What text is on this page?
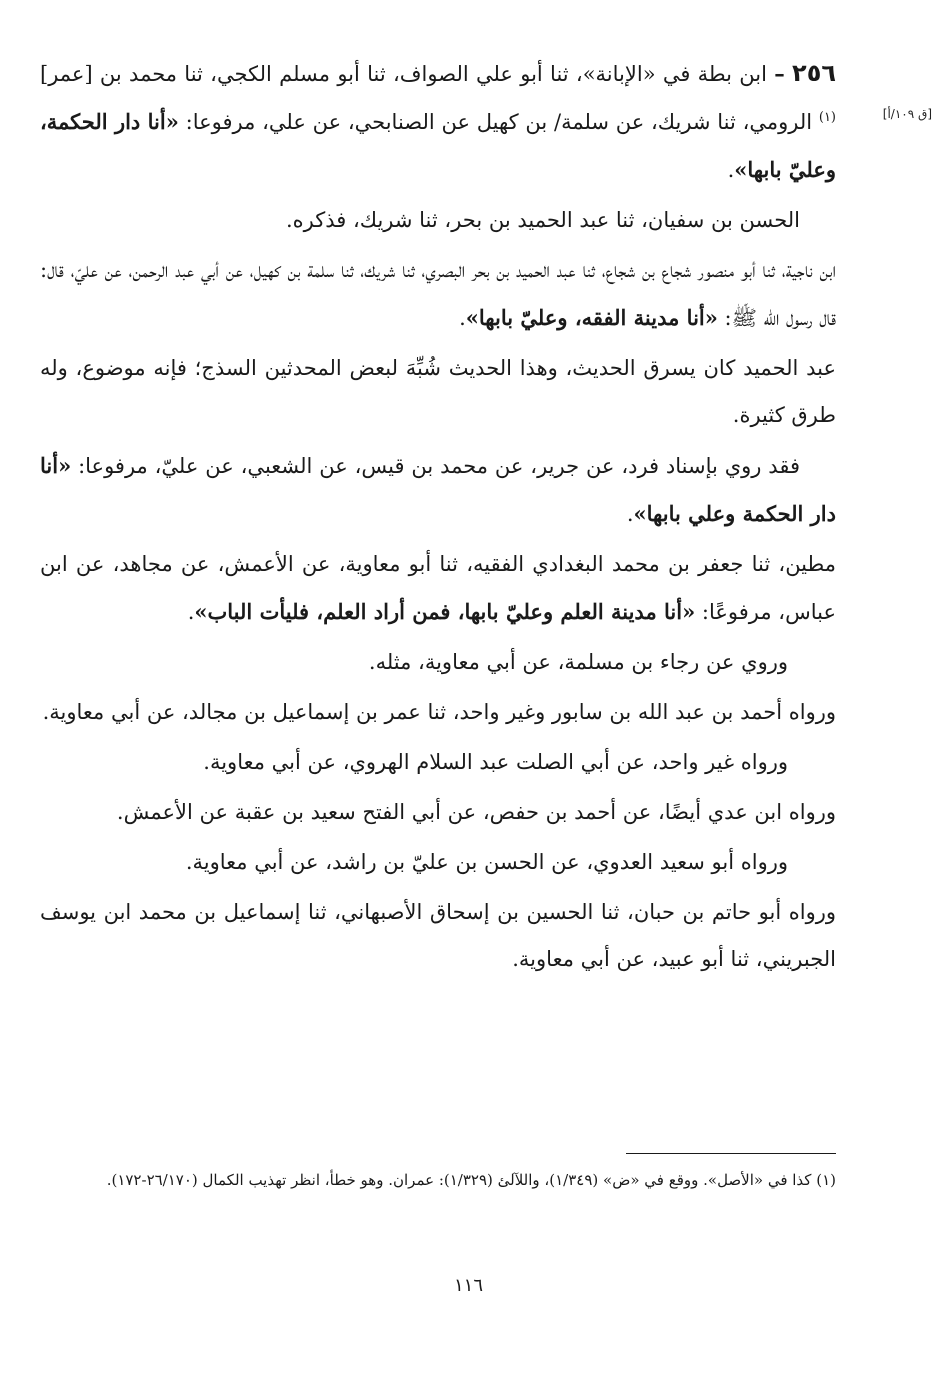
[ق ١٠٩/أ]

٢٥٦ – ابن بطة في «الإبانة»، ثنا أبو علي الصواف، ثنا أبو مسلم الكجي، ثنا محمد بن [عمر]$^{(١)}$ الرومي، ثنا شريك، عن سلمة/ بن كهيل عن الصنابحي، عن علي، مرفوعا: «أنا دار الحكمة، وعليّ بابها».

الحسن بن سفيان، ثنا عبد الحميد بن بحر، ثنا شريك، فذكره.

ابن ناجية، ثنا أبو منصور شجاع بن شجاع، ثنا عبد الحميد بن بحر البصري، ثنا شريك، ثنا سلمة بن كهيل، عن أبي عبد الرحمن، عن عليّ، قال: قال رسول الله ﷺ: «أنا مدينة الفقه، وعليّ بابها».

عبد الحميد كان يسرق الحديث، وهذا الحديث شُبِّهَ لبعض المحدثين السذج؛ فإنه موضوع، وله طرق كثيرة.

فقد روي بإسناد فرد، عن جرير، عن محمد بن قيس، عن الشعبي، عن عليّ، مرفوعا: «أنا دار الحكمة وعلي بابها».

مطين، ثنا جعفر بن محمد البغدادي الفقيه، ثنا أبو معاوية، عن الأعمش، عن مجاهد، عن ابن عباس، مرفوعًا: «أنا مدينة العلم وعليّ بابها، فمن أراد العلم، فليأت الباب».

وروي عن رجاء بن مسلمة، عن أبي معاوية، مثله.

ورواه أحمد بن عبد الله بن سابور وغير واحد، ثنا عمر بن إسماعيل بن مجالد، عن أبي معاوية.

ورواه غير واحد، عن أبي الصلت عبد السلام الهروي، عن أبي معاوية.

ورواه ابن عدي أيضًا، عن أحمد بن حفص، عن أبي الفتح سعيد بن عقبة عن الأعمش.

ورواه أبو سعيد العدوي، عن الحسن بن عليّ بن راشد، عن أبي معاوية.

ورواه أبو حاتم بن حبان، ثنا الحسين بن إسحاق الأصبهاني، ثنا إسماعيل بن محمد ابن يوسف الجبريني، ثنا أبو عبيد، عن أبي معاوية.

(١) كذا في «الأصل». ووقع في «ض» (١/٣٤٩)، واللآلئ (١/٣٢٩): عمران. وهو خطأ، انظر تهذيب الكمال (٢٦/١٧٠-١٧٢).
١١٦
